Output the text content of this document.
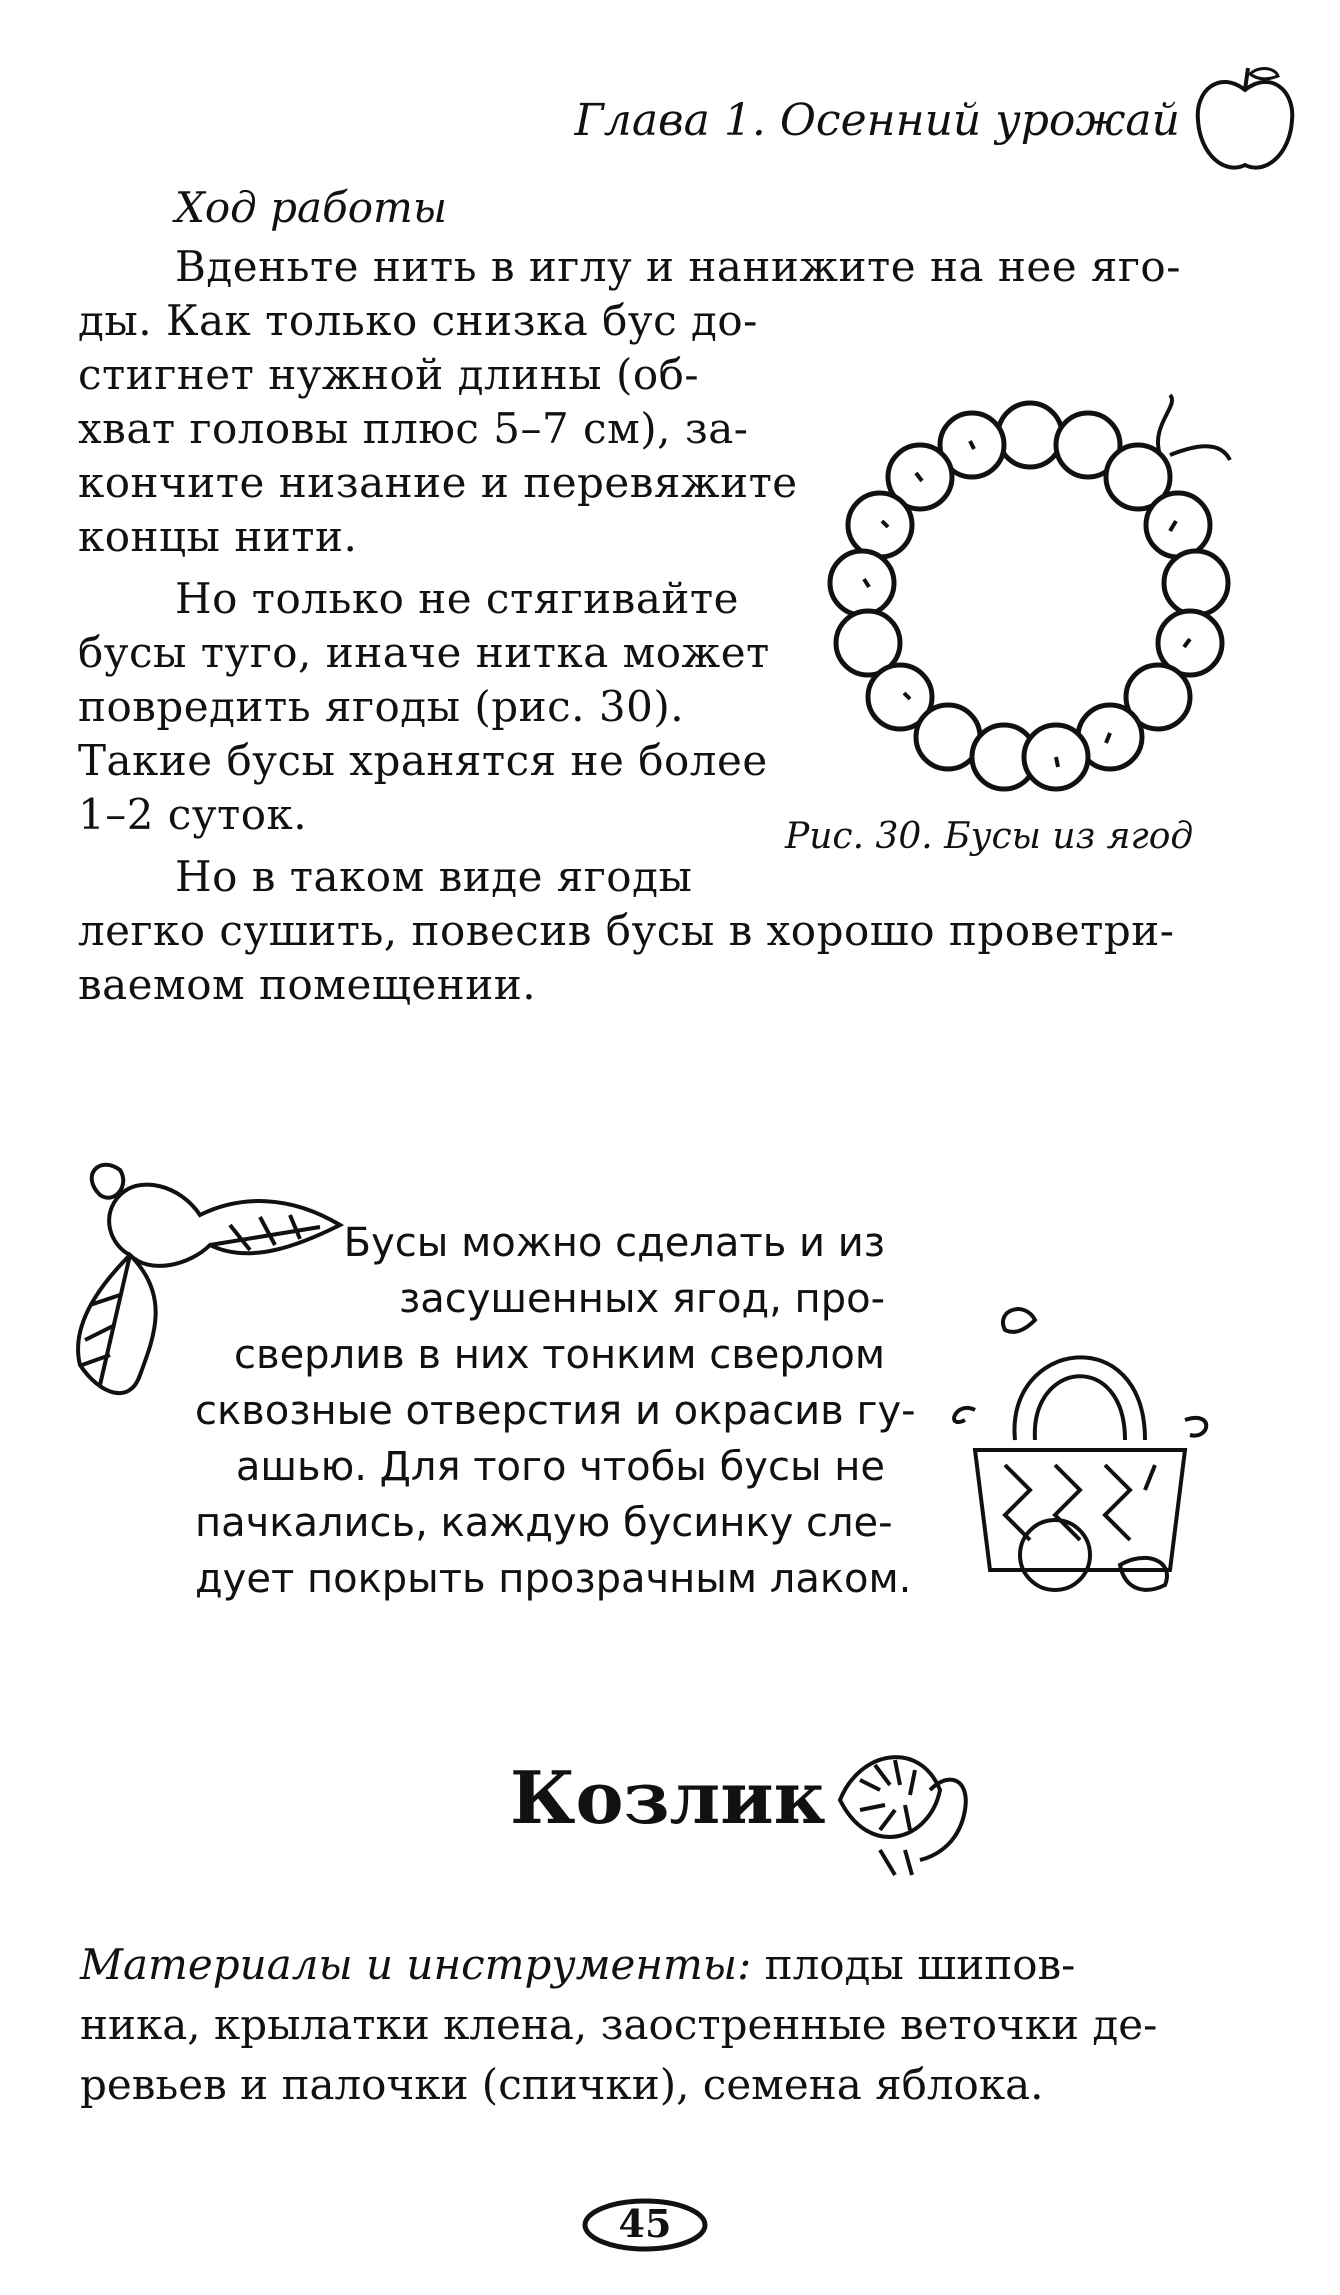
Глава 1. Осенний урожай
Ход работы
Вденьте нить в иглу и нанижите на нее яго-
ды. Как только снизка бус до-
стигнет нужной длины (об-
хват головы плюс 5–7 см), за-
кончите низание и перевяжите
концы нити.
Но только не стягивайте
бусы туго, иначе нитка может
повредить ягоды (рис. 30).
Такие бусы хранятся не более
1–2 суток.
Но в таком виде ягоды
легко сушить, повесив бусы в хорошо проветри-
ваемом помещении.
Рис. 30. Бусы из ягод
Бусы можно сделать и из
засушенных ягод, про-
сверлив в них тонким сверлом
сквозные отверстия и окрасив гу-
ашью. Для того чтобы бусы не
пачкались, каждую бусинку сле-
дует покрыть прозрачным лаком.
Козлик
Материалы и инструменты: плоды шипов-
ника, крылатки клена, заостренные веточки де-
ревьев и палочки (спички), семена яблока.
45
